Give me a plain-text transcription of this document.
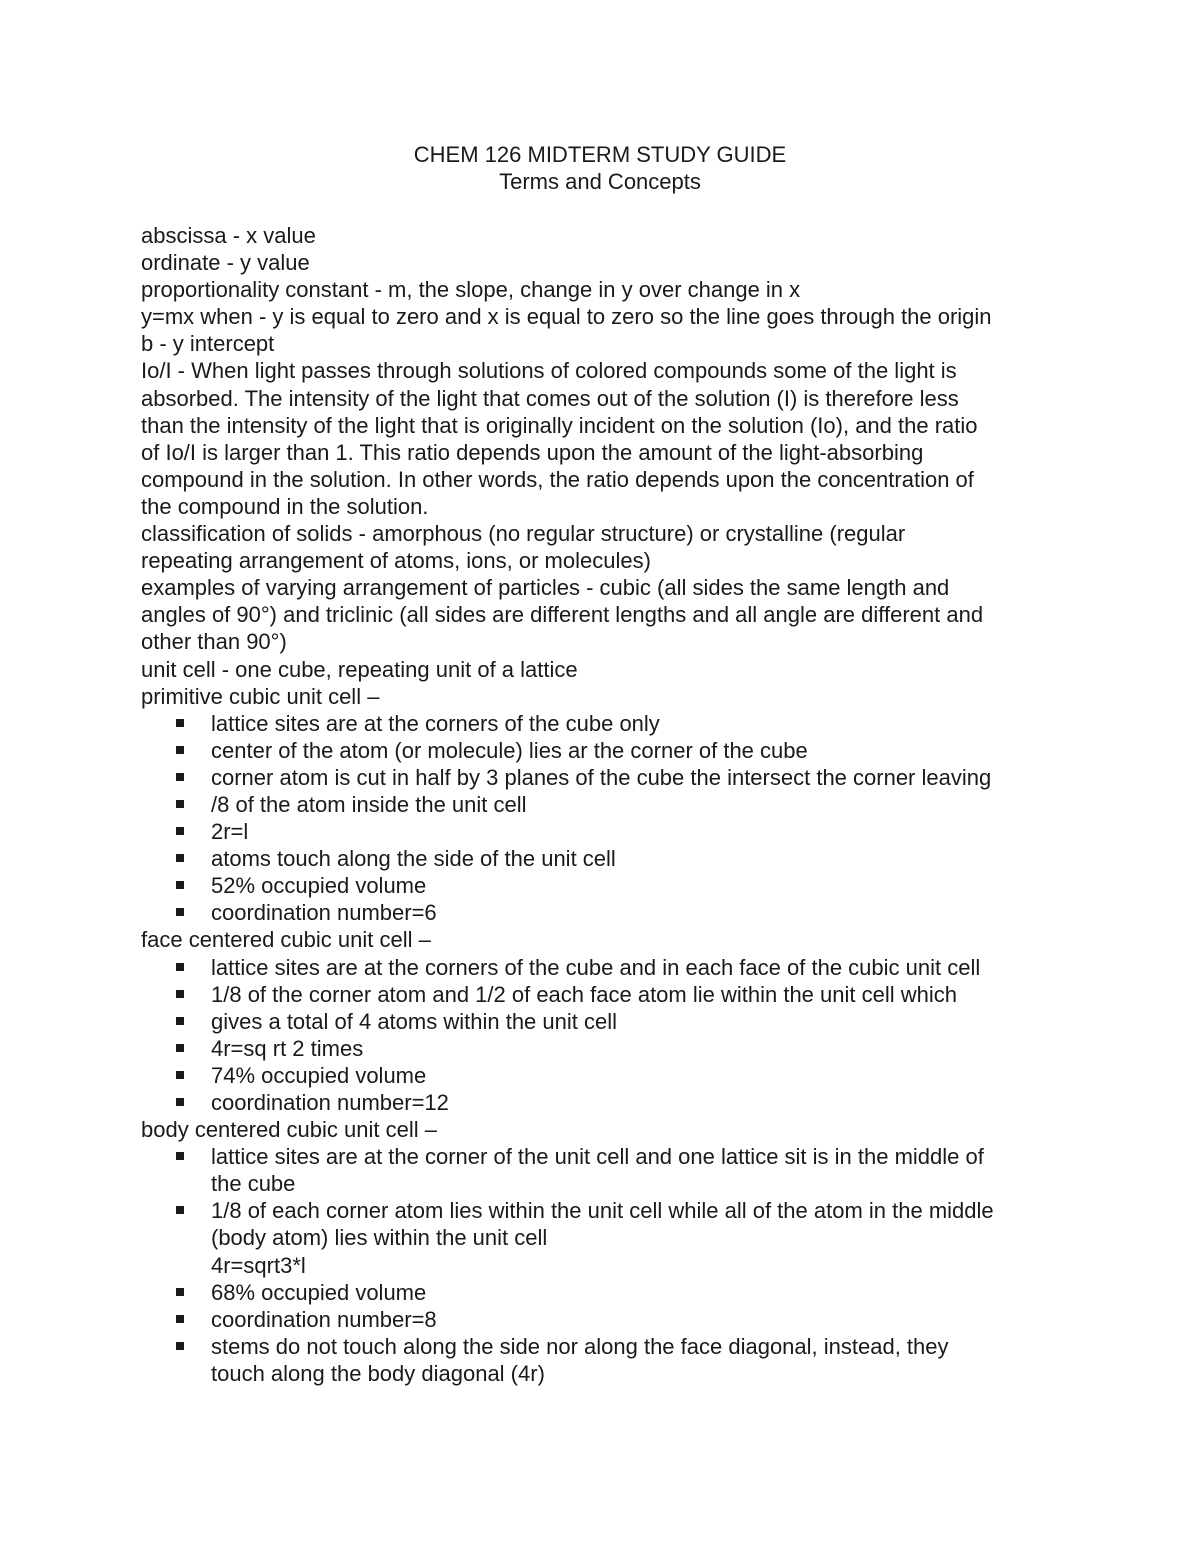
CHEM 126 MIDTERM STUDY GUIDE
Terms and Concepts

abscissa - x value

ordinate - y value

proportionality constant - m, the slope, change in y over change in x

y=mx when - y is equal to zero and x is equal to zero so the line goes through the origin

b - y intercept

Io/I - When light passes through solutions of colored compounds some of the light is

absorbed. The intensity of the light that comes out of the solution (I) is therefore less

than the intensity of the light that is originally incident on the solution (Io), and the ratio

of Io/I is larger than 1. This ratio depends upon the amount of the light-absorbing

compound in the solution. In other words, the ratio depends upon the concentration of

the compound in the solution.

classification of solids - amorphous (no regular structure) or crystalline (regular

repeating arrangement of atoms, ions, or molecules)

examples of varying arrangement of particles - cubic (all sides the same length and

angles of 90°) and triclinic (all sides are different lengths and all angle are different and

other than 90°)

unit cell - one cube, repeating unit of a lattice

primitive cubic unit cell –

lattice sites are at the corners of the cube only
center of the atom (or molecule) lies ar the corner of the cube
corner atom is cut in half by 3 planes of the cube the intersect the corner leaving
/8 of the atom inside the unit cell
2r=l
atoms touch along the side of the unit cell
52% occupied volume
coordination number=6

face centered cubic unit cell –

lattice sites are at the corners of the cube and in each face of the cubic unit cell
1/8 of the corner atom and 1/2 of each face atom lie within the unit cell which
gives a total of 4 atoms within the unit cell
4r=sq rt 2 times
74% occupied volume
coordination number=12

body centered cubic unit cell –

lattice sites are at the corner of the unit cell and one lattice sit is in the middle of
the cube
1/8 of each corner atom lies within the unit cell while all of the atom in the middle
(body atom) lies within the unit cell

4r=sqrt3*l

68% occupied volume
coordination number=8
stems do not touch along the side nor along the face diagonal, instead, they
touch along the body diagonal (4r)
